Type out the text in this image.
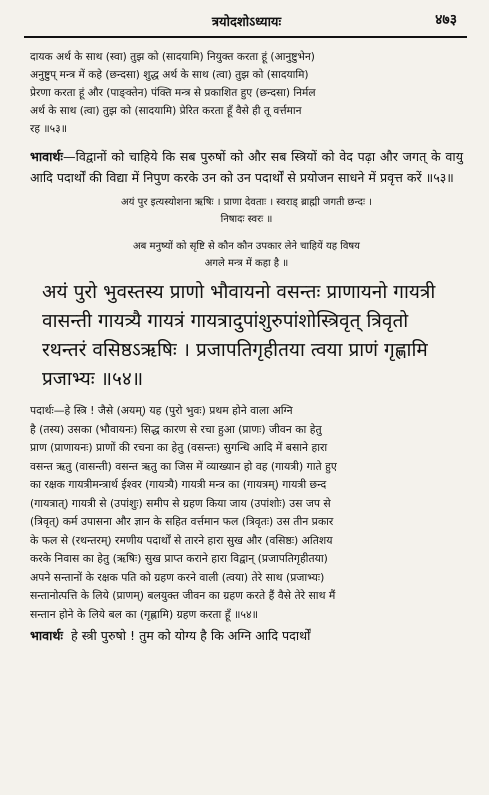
त्रयोदशोऽध्यायः	४७३

दायक अर्थ के साथ (स्वा) तुझ को (सादयामि) नियुक्त करता हूं (आनुष्टुभेन)

अनुष्टुप् मन्त्र में कहे (छन्दसा) शुद्ध अर्थ के साथ (त्वा) तुझ को (सादयामि)

प्रेरणा करता हूं और (पाङ्क्तेन) पंक्ति मन्त्र से प्रकाशित हुए (छन्दसा) निर्मल

अर्थ के साथ (त्वा) तुझ को (सादयामि) प्रेरित करता हूँ वैसे ही तू वर्त्तमान

रह ॥५३॥

भावार्थः—विद्वानों को चाहिये कि सब पुरुषों को और सब स्त्रियों को वेद पढ़ा और जगत् के वायु आदि पदार्थों की विद्या में निपुण करके उन को उन पदार्थों से प्रयोजन साधने में प्रवृत्त करें ॥५३॥
अयं पुर इत्यस्योशना ऋषिः । प्राणा देवताः । स्वराड् ब्राह्मी जगती छन्दः ।
निषादः स्वरः ॥
अब मनुष्यों को सृष्टि से कौन कौन उपकार लेने चाहियें यह विषय
अगले मन्त्र में कहा है ॥
अयं पुरो भुवस्तस्य प्राणो भौवायनो वसन्तः प्राणायनो गायत्री
वासन्ती गायत्र्यै गायत्रं गायत्रादुपांशुरुपांशोस्त्रिवृत् त्रिवृतो
रथन्तरं वसिष्ठऽऋषिः । प्रजापतिगृहीतया त्वया प्राणं गृह्णामि
प्रजाभ्यः ॥५४॥

पदार्थः—हे स्त्रि ! जैसे (अयम्) यह (पुरो भुवः) प्रथम होने वाला अग्नि

है (तस्य) उसका (भौवायनः) सिद्ध कारण से रचा हुआ (प्राणः) जीवन का हेतु

प्राण (प्राणायनः) प्राणों की रचना का हेतु (वसन्तः) सुगन्धि आदि में बसाने हारा

वसन्त ऋतु (वासन्ती) वसन्त ऋतु का जिस में व्याख्यान हो वह (गायत्री) गाते हुए

का रक्षक गायत्रीमन्त्रार्थ ईश्वर (गायत्र्यै) गायत्री मन्त्र का (गायत्रम्) गायत्री छन्द

(गायत्रात्) गायत्री से (उपांशुः) समीप से ग्रहण किया जाय (उपांशोः) उस जप से

(त्रिवृत्) कर्म उपासना और ज्ञान के सहित वर्त्तमान फल (त्रिवृतः) उस तीन प्रकार

के फल से (रथन्तरम्) रमणीय पदार्थों से तारने हारा सुख और (वसिष्ठः) अतिशय

करके निवास का हेतु (ऋषिः) सुख प्राप्त कराने हारा विद्वान् (प्रजापतिगृहीतया)

अपने सन्तानों के रक्षक पति को ग्रहण करने वाली (त्वया) तेरे साथ (प्रजाभ्यः)

सन्तानोत्पत्ति के लिये (प्राणम्) बलयुक्त जीवन का ग्रहण करते हैं वैसे तेरे साथ मैं

सन्तान होने के लिये बल का (गृह्णामि) ग्रहण करता हूँ ॥५४॥

भावार्थः हे स्त्री पुरुषो ! तुम को योग्य है कि अग्नि आदि पदार्थों
